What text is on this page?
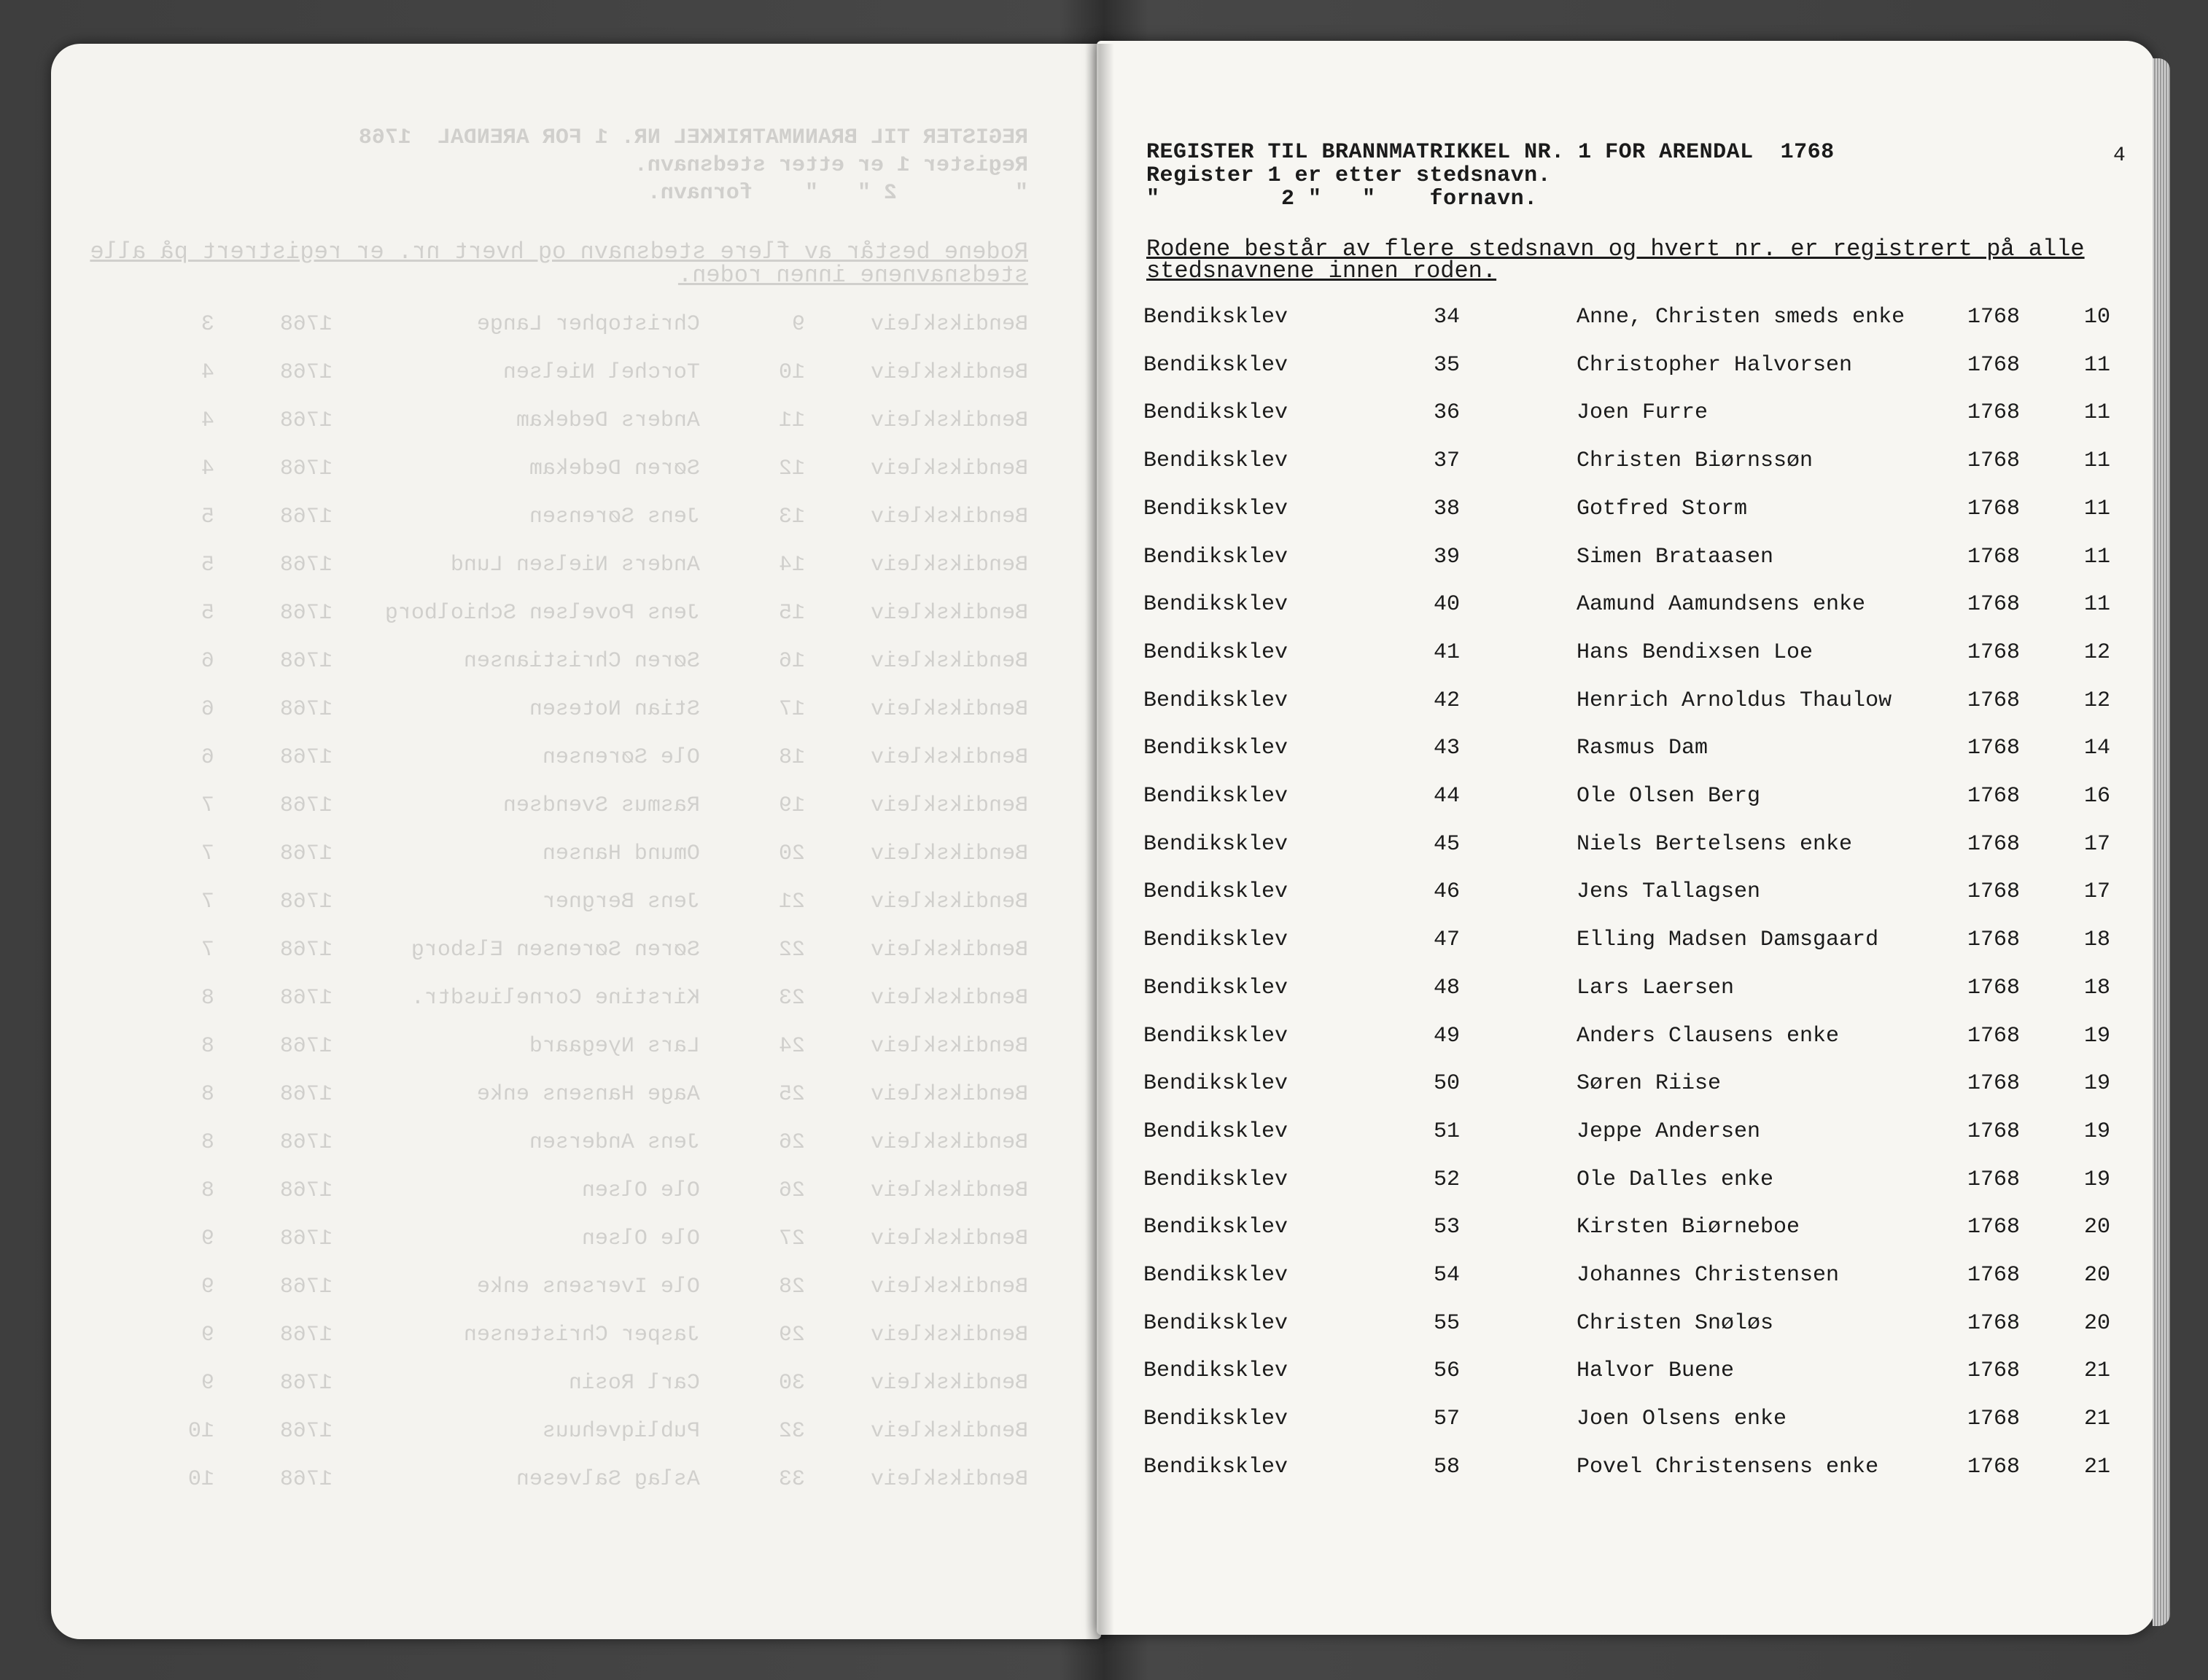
REGISTER TIL BRANNMATRIKKEL NR. 1 FOR ARENDAL  1768
Register 1 er etter stedsnavn.
"         2 "   "    fornavn.
Rodene består av flere stedsnavn og hvert nr. er registrert på alle
stedsnavnene innen roden.
Bendikskleiv     9       Christopher Lange           1768     3
Bendikskleiv     10      Torchel Nielsen             1768     4
Bendikskleiv     11      Anders Dedekam              1768     4
Bendikskleiv     12      Søren Dedekam               1768     4
Bendikskleiv     13      Jens Sørensen               1768     5
Bendikskleiv     14      Anders Nielsen Lund         1768     5
Bendikskleiv     15      Jens Povelsen Schiolborg    1768     5
Bendikskleiv     16      Søren Christiansen          1768     6
Bendikskleiv     17      Stian Notesen               1768     6
Bendikskleiv     18      Ole Sørensen                1768     6
Bendikskleiv     19      Rasmus Svendsen             1768     7
Bendikskleiv     20      Omund Hansen                1768     7
Bendikskleiv     21      Jens Bergner                1768     7
Bendikskleiv     22      Søren Sørensen Elsborg      1768     7
Bendikskleiv     23      Kirstine Corneliusdtr.      1768     8
Bendikskleiv     24      Lars Nyegaard               1768     8
Bendikskleiv     25      Aage Hansens enke           1768     8
Bendikskleiv     26      Jens Andersen               1768     8
Bendikskleiv     26      Ole Olsen                   1768     8
Bendikskleiv     27      Ole Olsen                   1768     9
Bendikskleiv     28      Ole Iversens enke           1768     9
Bendikskleiv     29      Jasper Christensen          1768     9
Bendikskleiv     30      Carl Rosin                  1768     9
Bendikskleiv     32      Publiqvehuus                1768     10
Bendikskleiv     33      Aslag Salvesen              1768     10
REGISTER TIL BRANNMATRIKKEL NR. 1 FOR ARENDAL  1768
Register 1 er etter stedsnavn.
"         2 "   "    fornavn.
4
Rodene består av flere stedsnavn og hvert nr. er registrert på alle
stedsnavnene innen roden.
Bendiksklev	34	Anne, Christen smeds enke	1768	10
Bendiksklev	35	Christopher Halvorsen	1768	11
Bendiksklev	36	Joen Furre	1768	11
Bendiksklev	37	Christen Biørnssøn	1768	11
Bendiksklev	38	Gotfred Storm	1768	11
Bendiksklev	39	Simen Brataasen	1768	11
Bendiksklev	40	Aamund Aamundsens enke	1768	11
Bendiksklev	41	Hans Bendixsen Loe	1768	12
Bendiksklev	42	Henrich Arnoldus Thaulow	1768	12
Bendiksklev	43	Rasmus Dam	1768	14
Bendiksklev	44	Ole Olsen Berg	1768	16
Bendiksklev	45	Niels Bertelsens enke	1768	17
Bendiksklev	46	Jens Tallagsen	1768	17
Bendiksklev	47	Elling Madsen Damsgaard	1768	18
Bendiksklev	48	Lars Laersen	1768	18
Bendiksklev	49	Anders Clausens enke	1768	19
Bendiksklev	50	Søren Riise	1768	19
Bendiksklev	51	Jeppe Andersen	1768	19
Bendiksklev	52	Ole Dalles enke	1768	19
Bendiksklev	53	Kirsten Biørneboe	1768	20
Bendiksklev	54	Johannes Christensen	1768	20
Bendiksklev	55	Christen Snøløs	1768	20
Bendiksklev	56	Halvor Buene	1768	21
Bendiksklev	57	Joen Olsens enke	1768	21
Bendiksklev	58	Povel Christensens enke	1768	21
